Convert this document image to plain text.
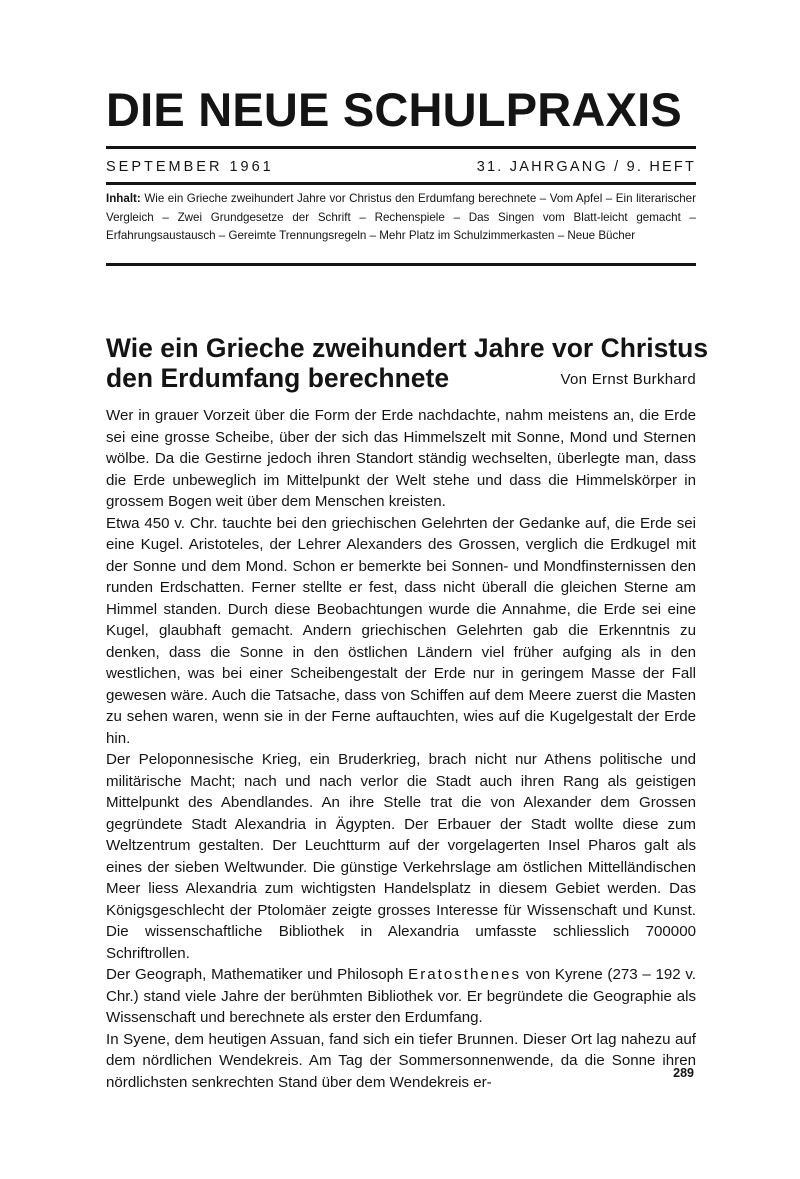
DIE NEUE SCHULPRAXIS
SEPTEMBER 1961	31. JAHRGANG / 9. HEFT

Inhalt: Wie ein Grieche zweihundert Jahre vor Christus den Erdumfang berechnete – Vom Apfel – Ein literarischer Vergleich – Zwei Grundgesetze der Schrift – Rechenspiele – Das Singen vom Blatt-leicht gemacht – Erfahrungsaustausch – Gereimte Trennungsregeln – Mehr Platz im Schulzimmerkasten – Neue Bücher

Wie ein Grieche zweihundert Jahre vor Christus
den Erdumfang berechnete	Von Ernst Burkhard

Wer in grauer Vorzeit über die Form der Erde nachdachte, nahm meistens an, die Erde sei eine grosse Scheibe, über der sich das Himmelszelt mit Sonne, Mond und Sternen wölbe. Da die Gestirne jedoch ihren Standort ständig wechselten, überlegte man, dass die Erde unbeweglich im Mittelpunkt der Welt stehe und dass die Himmelskörper in grossem Bogen weit über dem Menschen kreisten.

Etwa 450 v. Chr. tauchte bei den griechischen Gelehrten der Gedanke auf, die Erde sei eine Kugel. Aristoteles, der Lehrer Alexanders des Grossen, verglich die Erdkugel mit der Sonne und dem Mond. Schon er bemerkte bei Sonnen- und Mondfinsternissen den runden Erdschatten. Ferner stellte er fest, dass nicht überall die gleichen Sterne am Himmel standen. Durch diese Beobachtungen wurde die Annahme, die Erde sei eine Kugel, glaubhaft gemacht. Andern griechischen Gelehrten gab die Erkenntnis zu denken, dass die Sonne in den östlichen Ländern viel früher aufging als in den westlichen, was bei einer Scheibengestalt der Erde nur in geringem Masse der Fall gewesen wäre. Auch die Tatsache, dass von Schiffen auf dem Meere zuerst die Masten zu sehen waren, wenn sie in der Ferne auftauchten, wies auf die Kugelgestalt der Erde hin.

Der Peloponnesische Krieg, ein Bruderkrieg, brach nicht nur Athens politische und militärische Macht; nach und nach verlor die Stadt auch ihren Rang als geistigen Mittelpunkt des Abendlandes. An ihre Stelle trat die von Alexander dem Grossen gegründete Stadt Alexandria in Ägypten. Der Erbauer der Stadt wollte diese zum Weltzentrum gestalten. Der Leuchtturm auf der vorgelagerten Insel Pharos galt als eines der sieben Weltwunder. Die günstige Verkehrslage am östlichen Mittelländischen Meer liess Alexandria zum wichtigsten Handelsplatz in diesem Gebiet werden. Das Königsgeschlecht der Ptolomäer zeigte grosses Interesse für Wissenschaft und Kunst. Die wissenschaftliche Bibliothek in Alexandria umfasste schliesslich 700000 Schriftrollen.

Der Geograph, Mathematiker und Philosoph Eratosthenes von Kyrene (273 – 192 v. Chr.) stand viele Jahre der berühmten Bibliothek vor. Er begründete die Geographie als Wissenschaft und berechnete als erster den Erdumfang.

In Syene, dem heutigen Assuan, fand sich ein tiefer Brunnen. Dieser Ort lag nahezu auf dem nördlichen Wendekreis. Am Tag der Sommersonnenwende, da die Sonne ihren nördlichsten senkrechten Stand über dem Wendekreis er-

289
